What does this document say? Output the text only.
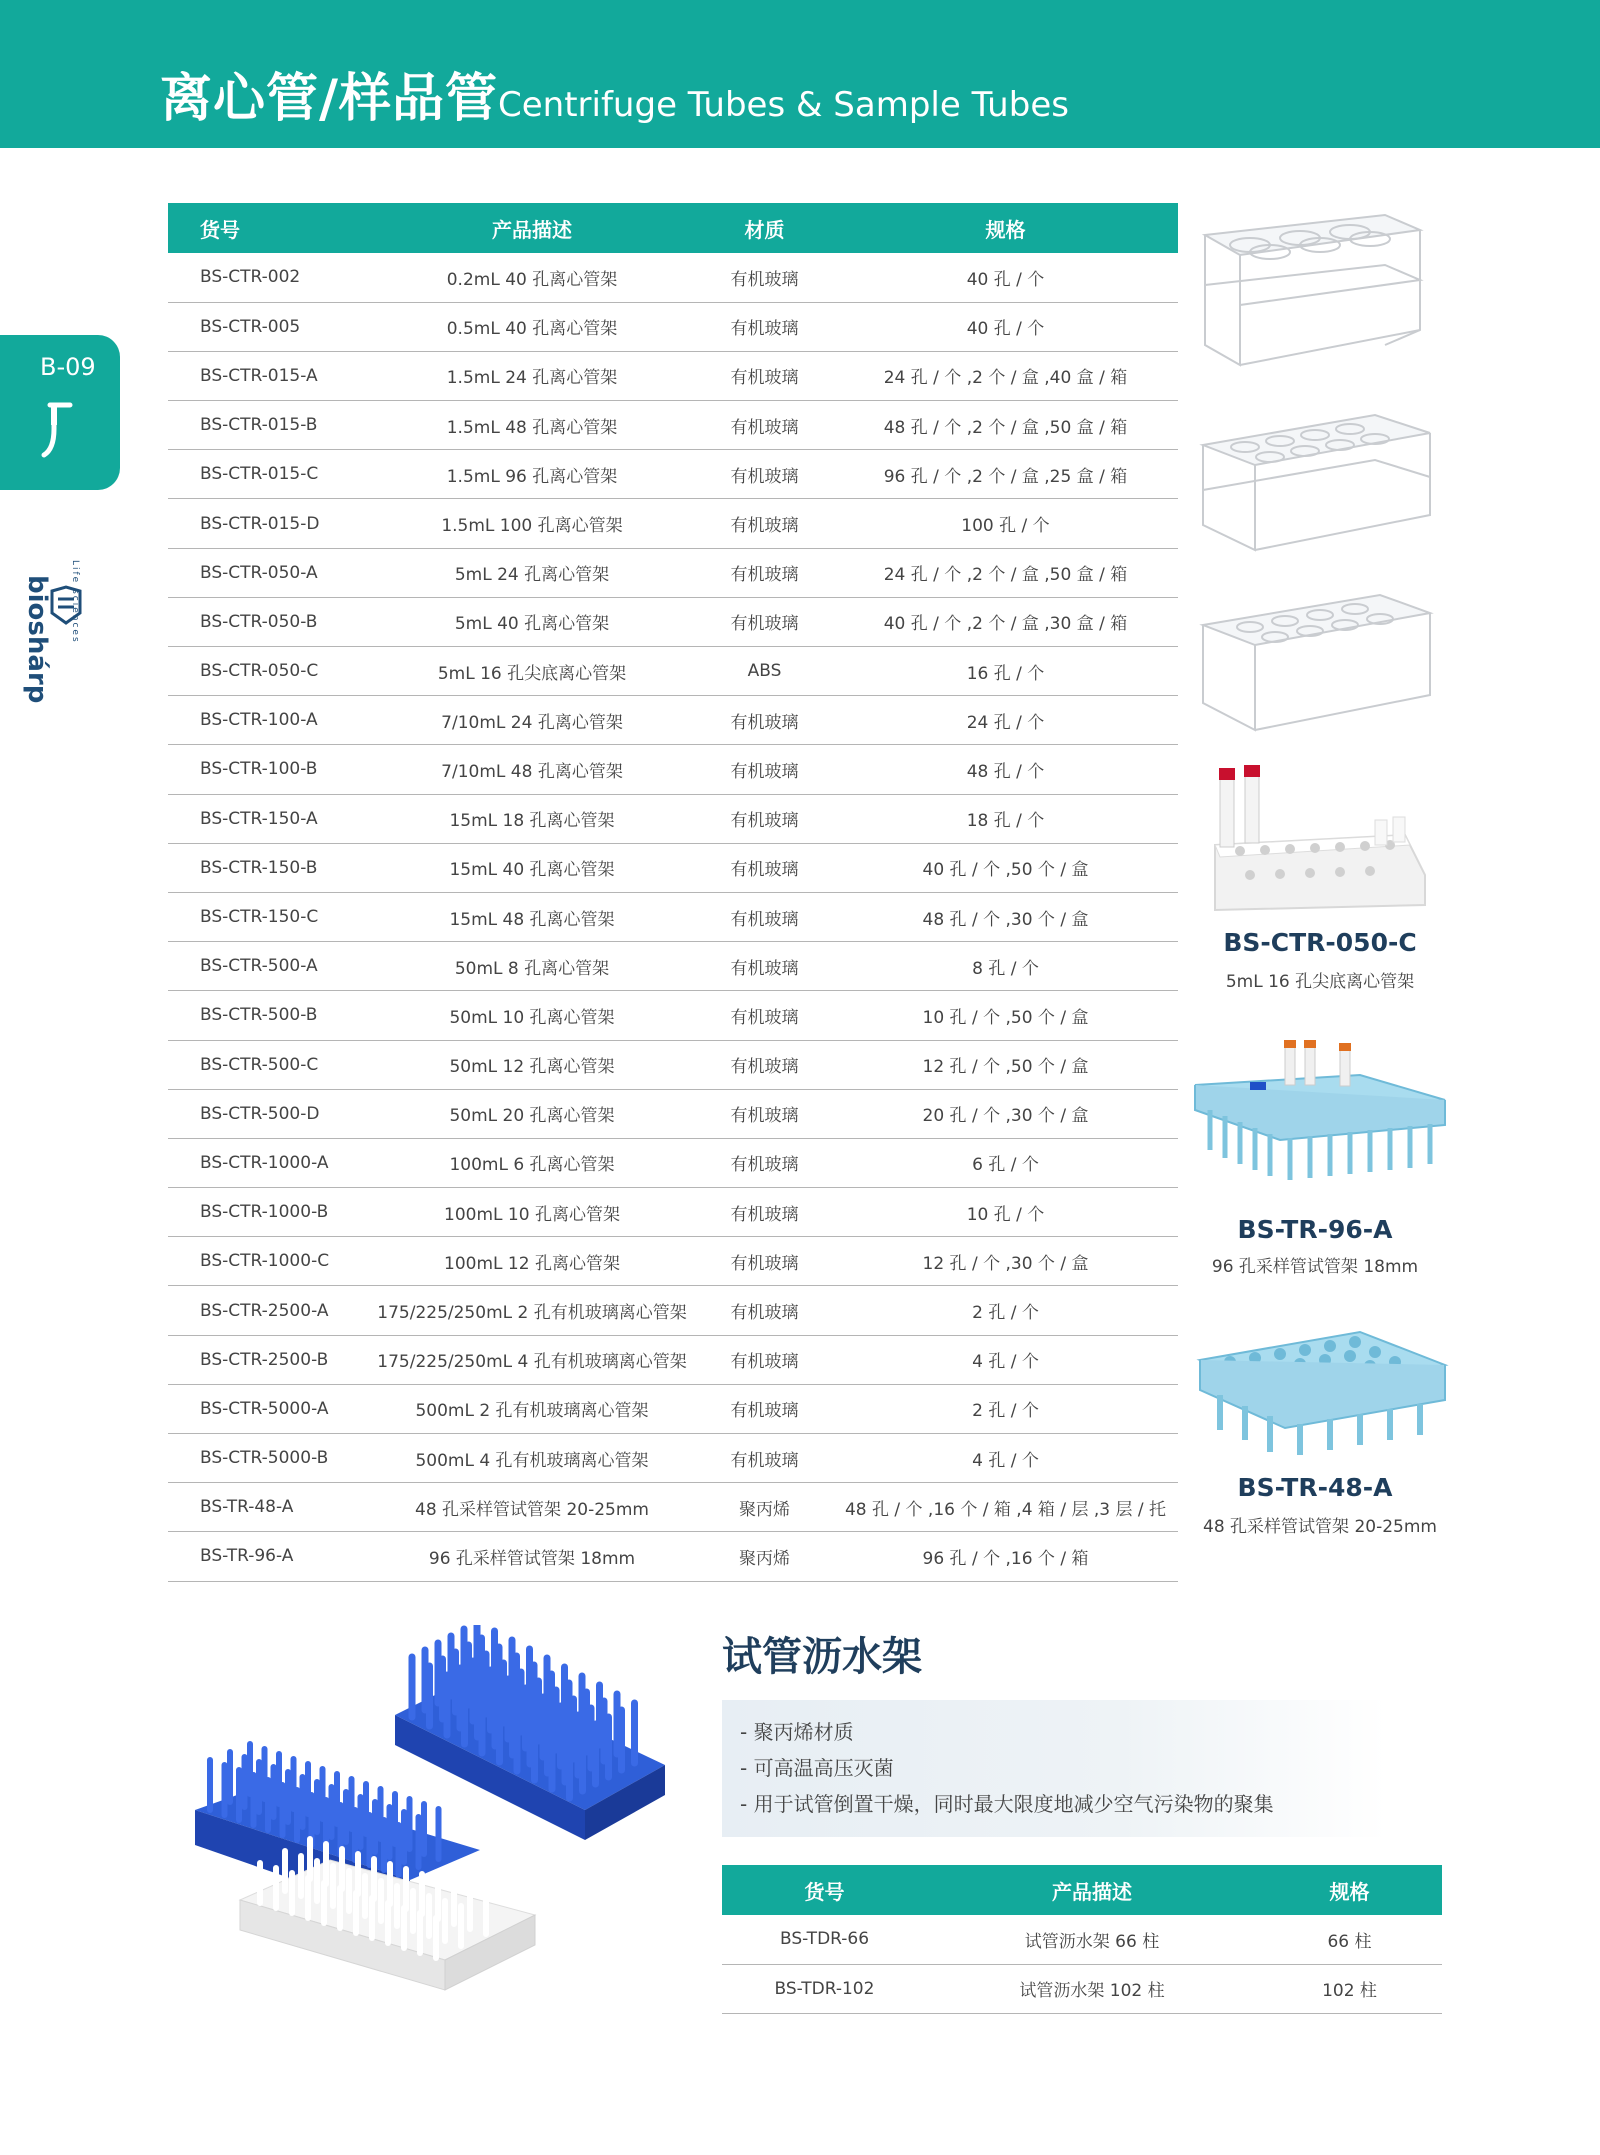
离心管/样品管Centrifuge Tubes & Sample Tubes
B-09
bioshárp Life sciences
货号	产品描述	材质	规格
BS-CTR-002	0.2mL 40 孔离心管架	有机玻璃	40 孔 / 个
BS-CTR-005	0.5mL 40 孔离心管架	有机玻璃	40 孔 / 个
BS-CTR-015-A	1.5mL 24 孔离心管架	有机玻璃	24 孔 / 个 ,2 个 / 盒 ,40 盒 / 箱
BS-CTR-015-B	1.5mL 48 孔离心管架	有机玻璃	48 孔 / 个 ,2 个 / 盒 ,50 盒 / 箱
BS-CTR-015-C	1.5mL 96 孔离心管架	有机玻璃	96 孔 / 个 ,2 个 / 盒 ,25 盒 / 箱
BS-CTR-015-D	1.5mL 100 孔离心管架	有机玻璃	100 孔 / 个
BS-CTR-050-A	5mL 24 孔离心管架	有机玻璃	24 孔 / 个 ,2 个 / 盒 ,50 盒 / 箱
BS-CTR-050-B	5mL 40 孔离心管架	有机玻璃	40 孔 / 个 ,2 个 / 盒 ,30 盒 / 箱
BS-CTR-050-C	5mL 16 孔尖底离心管架	ABS	16 孔 / 个
BS-CTR-100-A	7/10mL 24 孔离心管架	有机玻璃	24 孔 / 个
BS-CTR-100-B	7/10mL 48 孔离心管架	有机玻璃	48 孔 / 个
BS-CTR-150-A	15mL 18 孔离心管架	有机玻璃	18 孔 / 个
BS-CTR-150-B	15mL 40 孔离心管架	有机玻璃	40 孔 / 个 ,50 个 / 盒
BS-CTR-150-C	15mL 48 孔离心管架	有机玻璃	48 孔 / 个 ,30 个 / 盒
BS-CTR-500-A	50mL 8 孔离心管架	有机玻璃	8 孔 / 个
BS-CTR-500-B	50mL 10 孔离心管架	有机玻璃	10 孔 / 个 ,50 个 / 盒
BS-CTR-500-C	50mL 12 孔离心管架	有机玻璃	12 孔 / 个 ,50 个 / 盒
BS-CTR-500-D	50mL 20 孔离心管架	有机玻璃	20 孔 / 个 ,30 个 / 盒
BS-CTR-1000-A	100mL 6 孔离心管架	有机玻璃	6 孔 / 个
BS-CTR-1000-B	100mL 10 孔离心管架	有机玻璃	10 孔 / 个
BS-CTR-1000-C	100mL 12 孔离心管架	有机玻璃	12 孔 / 个 ,30 个 / 盒
BS-CTR-2500-A	175/225/250mL 2 孔有机玻璃离心管架	有机玻璃	2 孔 / 个
BS-CTR-2500-B	175/225/250mL 4 孔有机玻璃离心管架	有机玻璃	4 孔 / 个
BS-CTR-5000-A	500mL 2 孔有机玻璃离心管架	有机玻璃	2 孔 / 个
BS-CTR-5000-B	500mL 4 孔有机玻璃离心管架	有机玻璃	4 孔 / 个
BS-TR-48-A	48 孔采样管试管架 20-25mm	聚丙烯	48 孔 / 个 ,16 个 / 箱 ,4 箱 / 层 ,3 层 / 托
BS-TR-96-A	96 孔采样管试管架 18mm	聚丙烯	96 孔 / 个 ,16 个 / 箱
BS-CTR-050-C
5mL 16 孔尖底离心管架
BS-TR-96-A
96 孔采样管试管架 18mm
BS-TR-48-A
48 孔采样管试管架 20-25mm
试管沥水架
- 聚丙烯材质
- 可高温高压灭菌
- 用于试管倒置干燥，同时最大限度地减少空气污染物的聚集
货号	产品描述	规格
BS-TDR-66	试管沥水架 66 柱	66 柱
BS-TDR-102	试管沥水架 102 柱	102 柱
